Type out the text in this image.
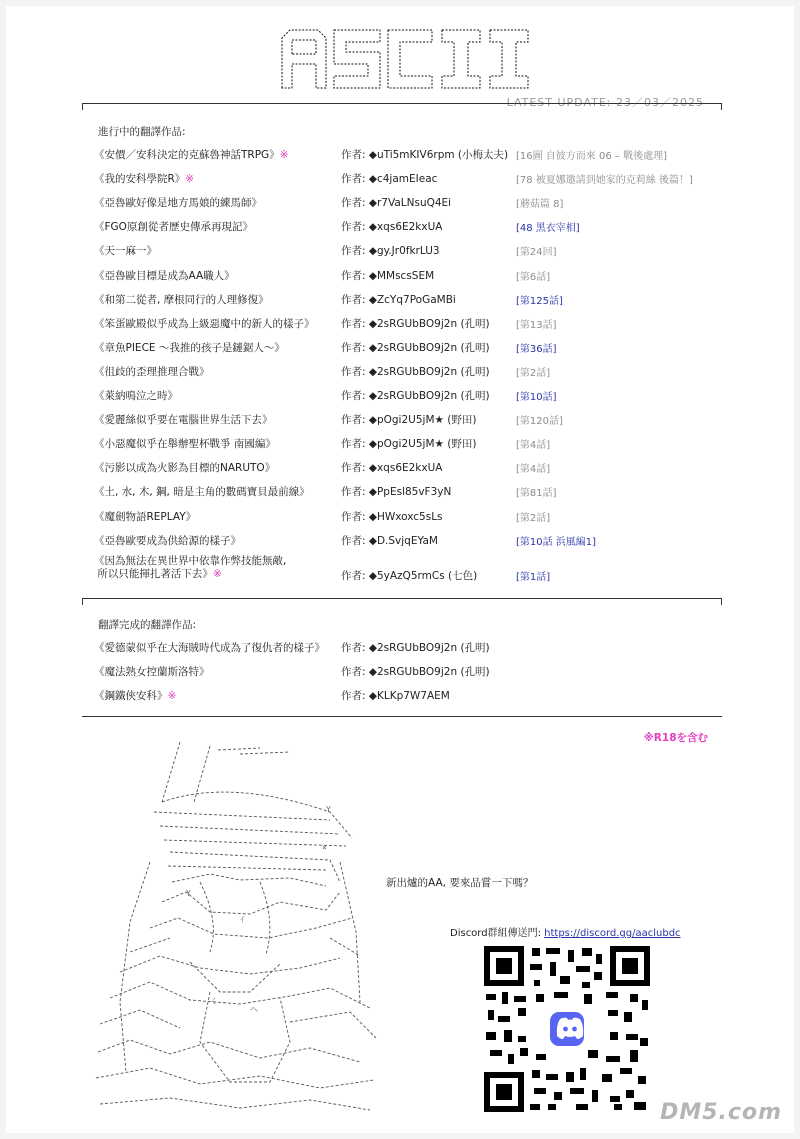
LATEST UPDATE: 23／03／2025
進行中的翻譯作品:
《安價／安科決定的克蘇魯神話TRPG》※	作者: ◆uTi5mKIV6rpm (小梅太夫) [16圖 自彼方而來 06 – 戰後處理]
《我的安科學院R》※	作者: ◆c4jamEIeac	[78 被夏娜邀請到她家的克莉絲 後篇！]
《亞魯歐好像是地方馬娘的練馬師》	作者: ◆r7VaLNsuQ4Ei	[蘑菇篇 8]
《FGO原創從者歷史傳承再現記》	作者: ◆xqs6E2kxUA	[48 黑衣宰相]
《天一麻一》	作者: ◆gy.Jr0fkrLU3	[第24回]
《亞魯歐目標是成為AA職人》	作者: ◆MMscsSEM	[第6話]
《和第二從者, 摩根同行的人理修復》	作者: ◆ZcYq7PoGaMBi	[第125話]
《笨蛋歐殿似乎成為上級惡魔中的新人的樣子》	作者: ◆2sRGUbBO9j2n (孔明)	[第13話]
《章魚PIECE ～我推的孩子是鏈鋸人～》	作者: ◆2sRGUbBO9j2n (孔明)	[第36話]
《徂歧的歪理推理合戰》	作者: ◆2sRGUbBO9j2n (孔明)	[第2話]
《萊納鳴泣之時》	作者: ◆2sRGUbBO9j2n (孔明)	[第10話]
《愛麗絲似乎要在電腦世界生活下去》	作者: ◆pOgi2U5jM★ (野田)	[第120話]
《小惡魔似乎在舉辦聖杯戰爭 南國編》	作者: ◆pOgi2U5jM★ (野田)	[第4話]
《污影以成為火影為目標的NARUTO》	作者: ◆xqs6E2kxUA	[第4話]
《土, 水, 木, 鋼, 暗是主角的數碼寶貝最前線》	作者: ◆PpEsl85vF3yN	[第81話]
《魔劍物語REPLAY》	作者: ◆HWxoxc5sLs	[第2話]
《亞魯歐要成為供給源的樣子》	作者: ◆D.SvjqEYaM	[第10話 浜風編1]
《因為無法在異世界中依靠作弊技能無敵,
所以只能揮扎著活下去》※	作者: ◆5yAzQ5rmCs (七色)	[第1話]
翻譯完成的翻譯作品:
《愛德蒙似乎在大海賊時代成為了復仇者的樣子》	作者: ◆2sRGUbBO9j2n (孔明)
《魔法熟女控蘭斯洛特》	作者: ◆2sRGUbBO9j2n (孔明)
《鋼鐵俠安科》※	作者: ◆KLKp7W7AEM
※R18を含む
Y
×
Y
ｲ
く
ヘ
新出爐的AA, 要來品嘗一下嗎？
Discord群組傳送門: https://discord.gg/aaclubdc
DM5.com
